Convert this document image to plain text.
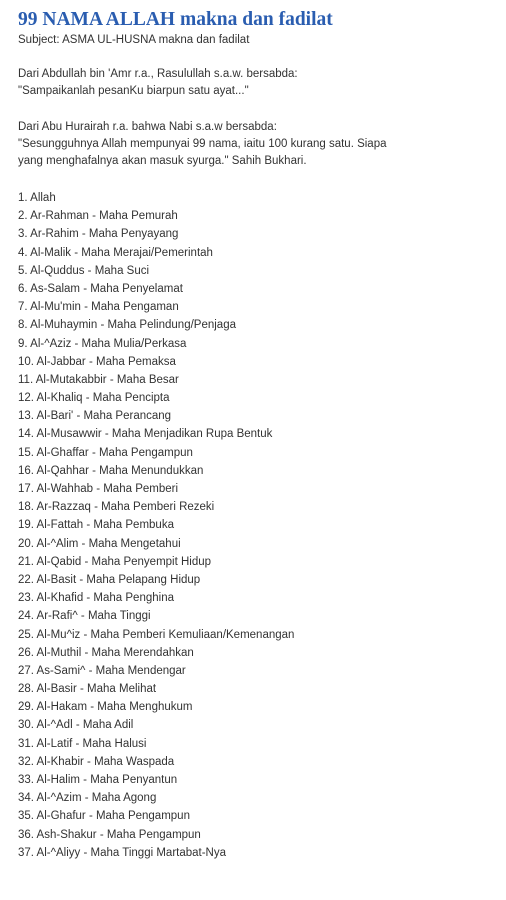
99 NAMA ALLAH makna dan fadilat
Subject: ASMA UL-HUSNA makna dan fadilat
Dari Abdullah bin 'Amr r.a., Rasulullah s.a.w. bersabda:
"Sampaikanlah pesanKu biarpun satu ayat..."
Dari Abu Hurairah r.a. bahwa Nabi s.a.w bersabda:
"Sesungguhnya Allah mempunyai 99 nama, iaitu 100 kurang satu. Siapa
yang menghafalnya akan masuk syurga." Sahih Bukhari.
1. Allah
2. Ar-Rahman - Maha Pemurah
3. Ar-Rahim - Maha Penyayang
4. Al-Malik - Maha Merajai/Pemerintah
5. Al-Quddus - Maha Suci
6. As-Salam - Maha Penyelamat
7. Al-Mu'min - Maha Pengaman
8. Al-Muhaymin - Maha Pelindung/Penjaga
9. Al-^Aziz - Maha Mulia/Perkasa
10. Al-Jabbar - Maha Pemaksa
11. Al-Mutakabbir - Maha Besar
12. Al-Khaliq - Maha Pencipta
13. Al-Bari' - Maha Perancang
14. Al-Musawwir - Maha Menjadikan Rupa Bentuk
15. Al-Ghaffar - Maha Pengampun
16. Al-Qahhar - Maha Menundukkan
17. Al-Wahhab - Maha Pemberi
18. Ar-Razzaq - Maha Pemberi Rezeki
19. Al-Fattah - Maha Pembuka
20. Al-^Alim - Maha Mengetahui
21. Al-Qabid - Maha Penyempit Hidup
22. Al-Basit - Maha Pelapang Hidup
23. Al-Khafid - Maha Penghina
24. Ar-Rafi^ - Maha Tinggi
25. Al-Mu^iz - Maha Pemberi Kemuliaan/Kemenangan
26. Al-Muthil - Maha Merendahkan
27. As-Sami^ - Maha Mendengar
28. Al-Basir - Maha Melihat
29. Al-Hakam - Maha Menghukum
30. Al-^Adl - Maha Adil
31. Al-Latif - Maha Halusi
32. Al-Khabir - Maha Waspada
33. Al-Halim - Maha Penyantun
34. Al-^Azim - Maha Agong
35. Al-Ghafur - Maha Pengampun
36. Ash-Shakur - Maha Pengampun
37. Al-^Aliyy - Maha Tinggi Martabat-Nya
